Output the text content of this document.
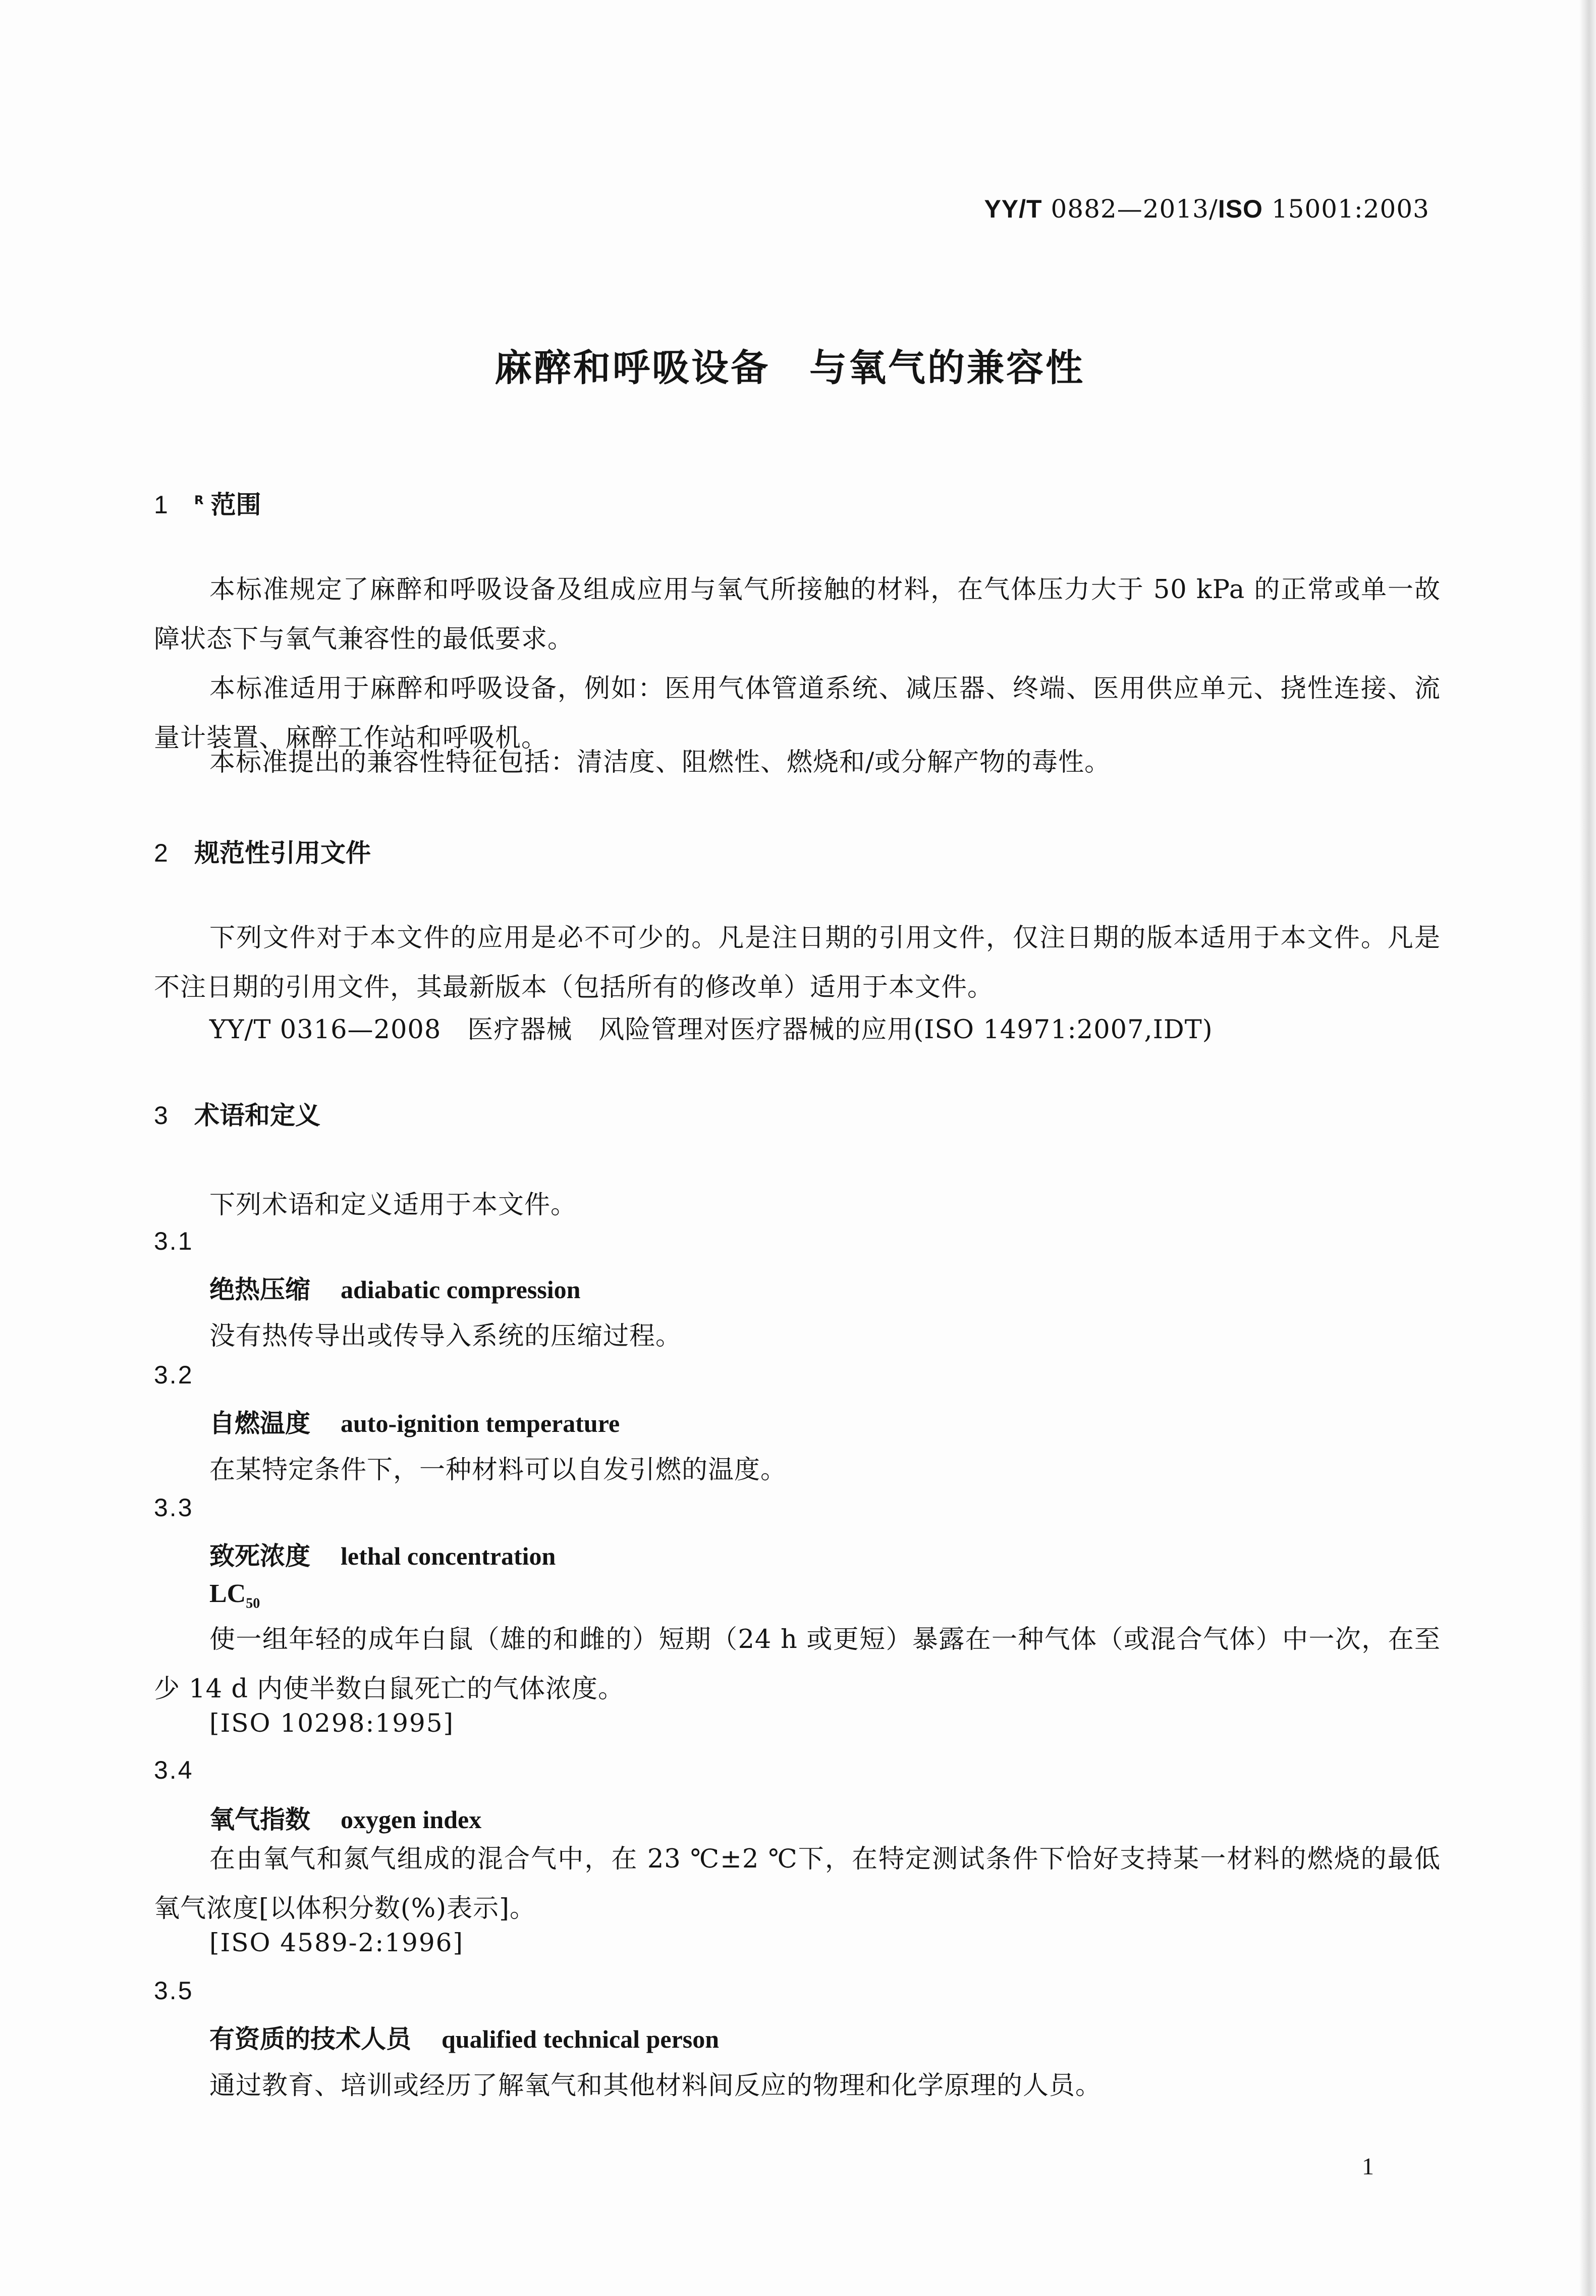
YY/T 0882—2013/ISO 15001:2003
麻醉和呼吸设备　与氧气的兼容性
1 $^R$ 范围
本标准规定了麻醉和呼吸设备及组成应用与氧气所接触的材料，在气体压力大于 50 kPa 的正常或单一故障状态下与氧气兼容性的最低要求。
本标准适用于麻醉和呼吸设备，例如：医用气体管道系统、减压器、终端、医用供应单元、挠性连接、流量计装置、麻醉工作站和呼吸机。
本标准提出的兼容性特征包括：清洁度、阻燃性、燃烧和/或分解产物的毒性。
2 规范性引用文件
下列文件对于本文件的应用是必不可少的。凡是注日期的引用文件，仅注日期的版本适用于本文件。凡是不注日期的引用文件，其最新版本（包括所有的修改单）适用于本文件。
YY/T 0316—2008　医疗器械　风险管理对医疗器械的应用(ISO 14971:2007,IDT)
3 术语和定义
下列术语和定义适用于本文件。
3.1
绝热压缩 adiabatic compression
没有热传导出或传导入系统的压缩过程。
3.2
自燃温度 auto-ignition temperature
在某特定条件下，一种材料可以自发引燃的温度。
3.3
致死浓度 lethal concentration
$LC_{50}$
使一组年轻的成年白鼠（雄的和雌的）短期（24 h 或更短）暴露在一种气体（或混合气体）中一次，在至少 14 d 内使半数白鼠死亡的气体浓度。
[ISO 10298:1995]
3.4
氧气指数 oxygen index
在由氧气和氮气组成的混合气中，在 23 ℃±2 ℃下，在特定测试条件下恰好支持某一材料的燃烧的最低氧气浓度[以体积分数(%)表示]。
[ISO 4589-2:1996]
3.5
有资质的技术人员 qualified technical person
通过教育、培训或经历了解氧气和其他材料间反应的物理和化学原理的人员。
1
